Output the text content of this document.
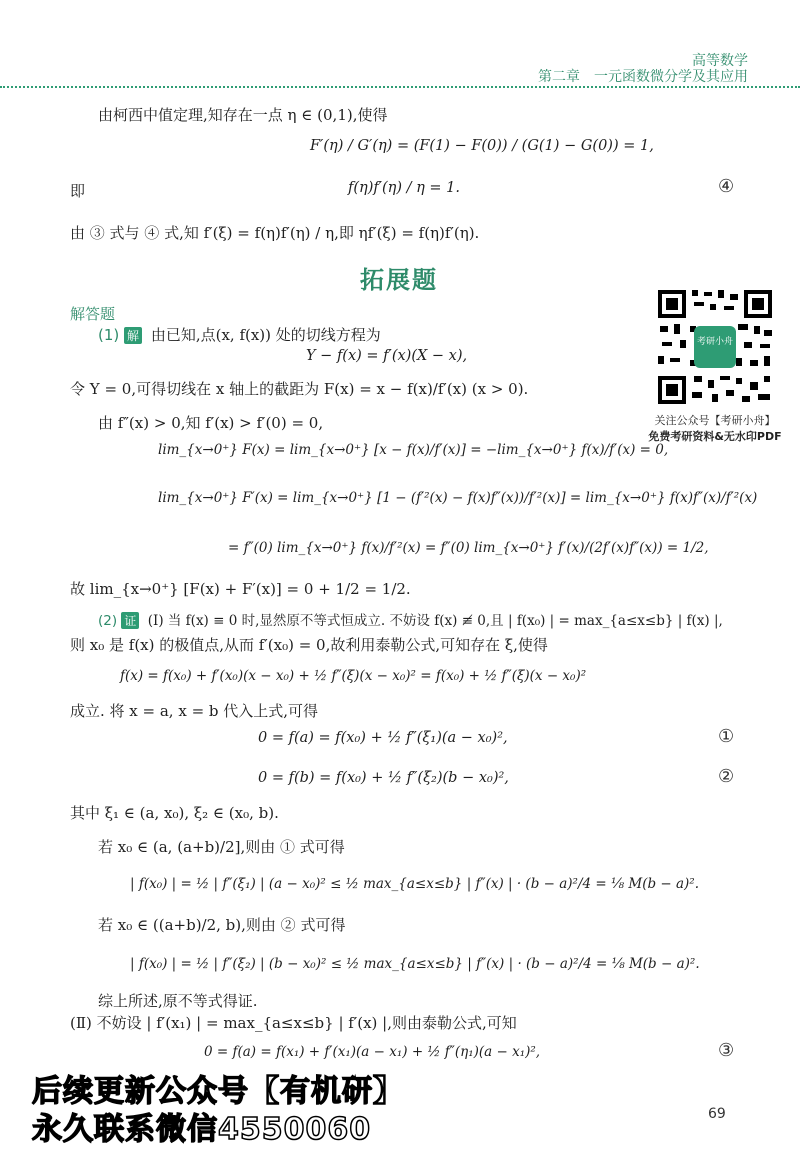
高等数学
第二章　一元函数微分学及其应用
由柯西中值定理,知存在一点 η ∈ (0,1),使得
F′(η) / G′(η) = (F(1) − F(0)) / (G(1) − G(0)) = 1,
即	f(η)f′(η) / η = 1.	④
由 ③ 式与 ④ 式,知 f′(ξ) = f(η)f′(η) / η,即 ηf′(ξ) = f(η)f′(η).
拓展题
解答题
(1) 解 由已知,点(x, f(x)) 处的切线方程为
Y − f(x) = f′(x)(X − x),
令 Y = 0,可得切线在 x 轴上的截距为 F(x) = x − f(x)/f′(x) (x > 0).
由 f″(x) > 0,知 f′(x) > f′(0) = 0,
lim_{x→0⁺} F(x) = lim_{x→0⁺} [x − f(x)/f′(x)] = −lim_{x→0⁺} f(x)/f′(x) = 0,
lim_{x→0⁺} F′(x) = lim_{x→0⁺} [1 − (f′²(x) − f(x)f″(x))/f′²(x)] = lim_{x→0⁺} f(x)f″(x)/f′²(x)
= f″(0) lim_{x→0⁺} f(x)/f′²(x) = f″(0) lim_{x→0⁺} f′(x)/(2f′(x)f″(x)) = 1/2,
故 lim_{x→0⁺} [F(x) + F′(x)] = 0 + 1/2 = 1/2.
(2) 证 (Ⅰ) 当 f(x) ≡ 0 时,显然原不等式恒成立. 不妨设 f(x) ≢ 0,且 | f(x₀) | = max_{a≤x≤b} | f(x) |,
则 x₀ 是 f(x) 的极值点,从而 f′(x₀) = 0,故利用泰勒公式,可知存在 ξ,使得
f(x) = f(x₀) + f′(x₀)(x − x₀) + ½ f″(ξ)(x − x₀)² = f(x₀) + ½ f″(ξ)(x − x₀)²
成立. 将 x = a, x = b 代入上式,可得
0 = f(a) = f(x₀) + ½ f″(ξ₁)(a − x₀)²,	①
0 = f(b) = f(x₀) + ½ f″(ξ₂)(b − x₀)²,	②
其中 ξ₁ ∈ (a, x₀), ξ₂ ∈ (x₀, b).
若 x₀ ∈ (a, (a+b)/2],则由 ① 式可得
| f(x₀) | = ½ | f″(ξ₁) | (a − x₀)² ≤ ½ max_{a≤x≤b} | f″(x) | · (b − a)²/4 = ⅛ M(b − a)².
若 x₀ ∈ ((a+b)/2, b),则由 ② 式可得
| f(x₀) | = ½ | f″(ξ₂) | (b − x₀)² ≤ ½ max_{a≤x≤b} | f″(x) | · (b − a)²/4 = ⅛ M(b − a)².
综上所述,原不等式得证.
(Ⅱ) 不妨设 | f′(x₁) | = max_{a≤x≤b} | f′(x) |,则由泰勒公式,可知
0 = f(a) = f(x₁) + f′(x₁)(a − x₁) + ½ f″(η₁)(a − x₁)²,	③
考研小舟
关注公众号【考研小舟】
免费考研资料&无水印PDF
后续更新公众号【有机研】
永久联系微信4550060	69
